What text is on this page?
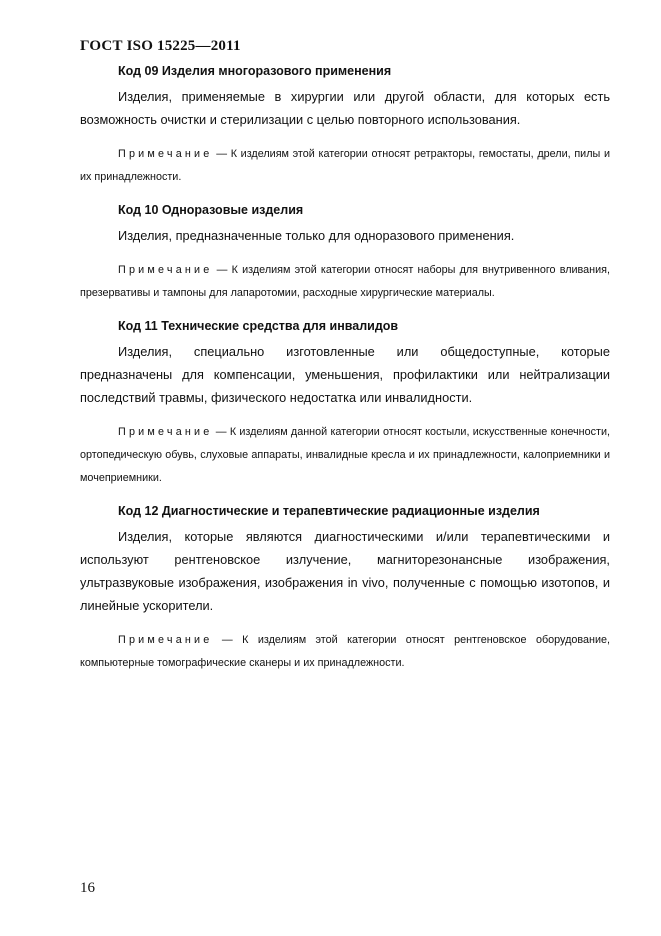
ГОСТ ISO 15225—2011

Код 09 Изделия многоразового применения

Изделия, применяемые в хирургии или другой области, для которых есть возможность очистки и стерилизации с целью повторного использования.

Примечание — К изделиям этой категории относят ретракторы, гемостаты, дрели, пилы и их принадлежности.

Код 10 Одноразовые изделия

Изделия, предназначенные только для одноразового применения.

Примечание — К изделиям этой категории относят наборы для внутривенного вливания, презервативы и тампоны для лапаротомии, расходные хирургические материалы.

Код 11 Технические средства для инвалидов

Изделия, специально изготовленные или общедоступные, которые предназначены для компенсации, уменьшения, профилактики или нейтрализации последствий травмы, физического недостатка или инвалидности.

Примечание — К изделиям данной категории относят костыли, искусственные конечности, ортопедическую обувь, слуховые аппараты, инвалидные кресла и их принадлежности, калоприемники и мочеприемники.

Код 12 Диагностические и терапевтические радиационные изделия

Изделия, которые являются диагностическими и/или терапевтическими и используют рентгеновское излучение, магниторезонансные изображения, ультразвуковые изображения, изображения in vivo, полученные с помощью изотопов, и линейные ускорители.

Примечание — К изделиям этой категории относят рентгеновское оборудование, компьютерные томографические сканеры и их принадлежности.

16
